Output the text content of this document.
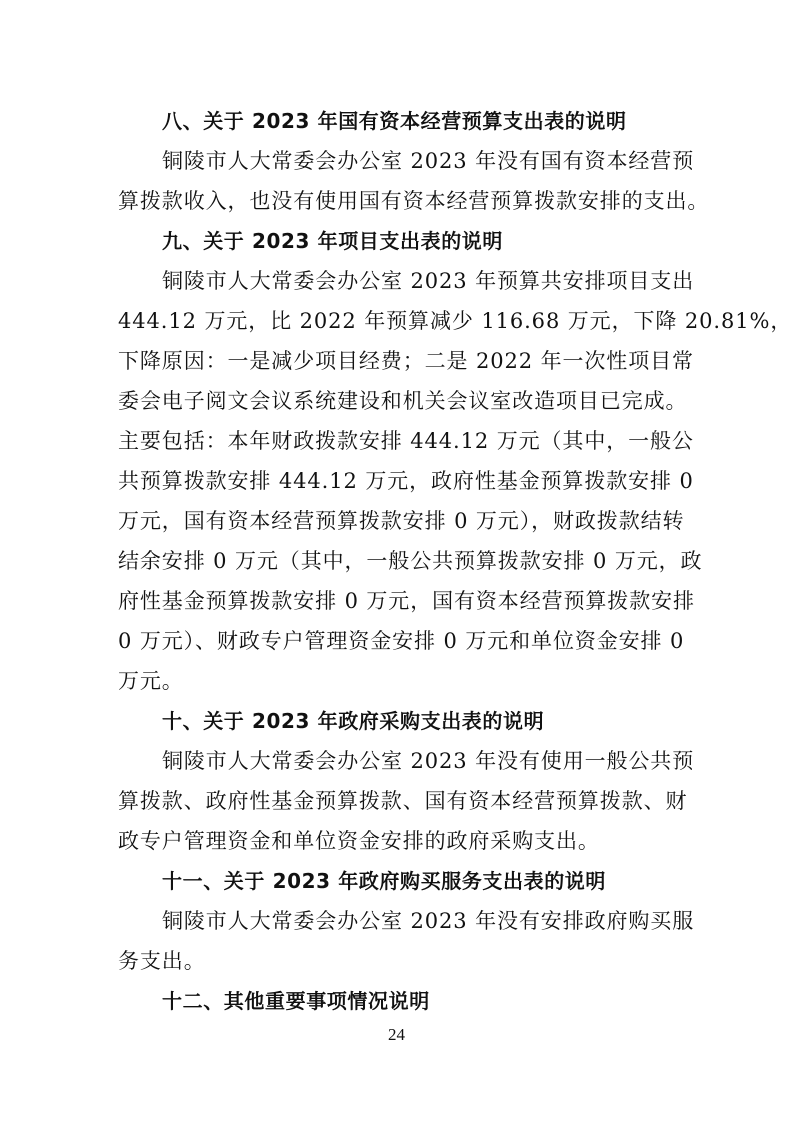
八、关于 2023 年国有资本经营预算支出表的说明
铜陵市人大常委会办公室 2023 年没有国有资本经营预
算拨款收入，也没有使用国有资本经营预算拨款安排的支出。
九、关于 2023 年项目支出表的说明
铜陵市人大常委会办公室 2023 年预算共安排项目支出
444.12 万元，比 2022 年预算减少 116.68 万元，下降 20.81%，
下降原因：一是减少项目经费；二是 2022 年一次性项目常
委会电子阅文会议系统建设和机关会议室改造项目已完成。
主要包括：本年财政拨款安排 444.12 万元（其中，一般公
共预算拨款安排 444.12 万元，政府性基金预算拨款安排 0
万元，国有资本经营预算拨款安排 0 万元），财政拨款结转
结余安排 0 万元（其中，一般公共预算拨款安排 0 万元，政
府性基金预算拨款安排 0 万元，国有资本经营预算拨款安排
0 万元）、财政专户管理资金安排 0 万元和单位资金安排 0
万元。
十、关于 2023 年政府采购支出表的说明
铜陵市人大常委会办公室 2023 年没有使用一般公共预
算拨款、政府性基金预算拨款、国有资本经营预算拨款、财
政专户管理资金和单位资金安排的政府采购支出。
十一、关于 2023 年政府购买服务支出表的说明
铜陵市人大常委会办公室 2023 年没有安排政府购买服
务支出。
十二、其他重要事项情况说明
24
